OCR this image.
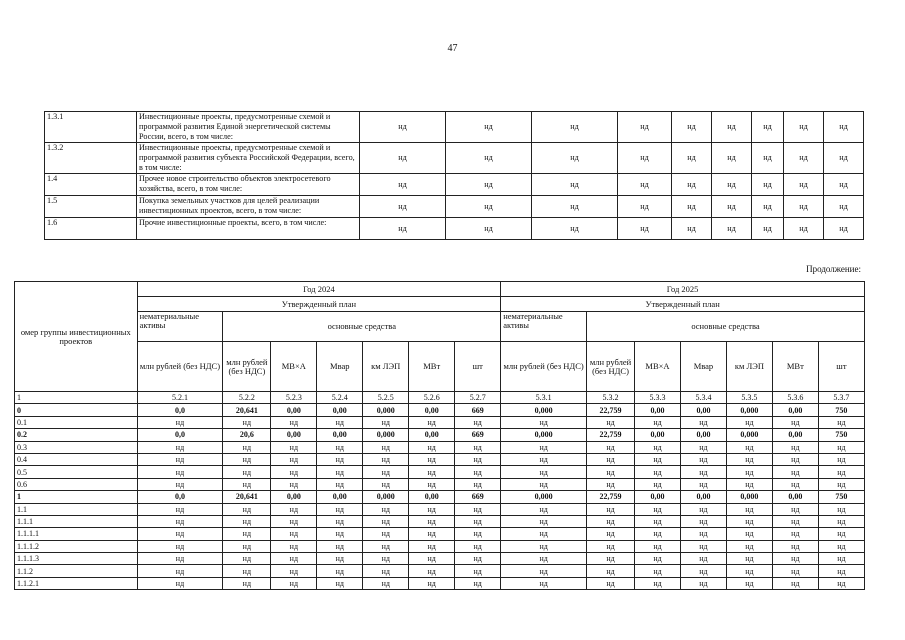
47
1.3.1	Инвестиционные проекты, предусмотренные схемой и программой развития Единой энергетической системы России, всего, в том числе:	нд	нд	нд	нд	нд	нд	нд	нд	нд
1.3.2	Инвестиционные проекты, предусмотренные схемой и программой развития субъекта Российской Федерации, всего, в том числе:	нд	нд	нд	нд	нд	нд	нд	нд	нд
1.4	Прочее новое строительство объектов электросетевого хозяйства, всего, в том числе:	нд	нд	нд	нд	нд	нд	нд	нд	нд
1.5	Покупка земельных участков для целей реализации инвестиционных проектов, всего, в том числе:	нд	нд	нд	нд	нд	нд	нд	нд	нд
1.6	Прочие инвестиционные проекты, всего, в том числе:	нд	нд	нд	нд	нд	нд	нд	нд	нд
Продолжение:
омер группы инвестиционных проектов	Год 2024							Год 2025						
	Утвержденный план							Утвержденный план						
	нематериальные активы	основные средства						нематериальные активы	основные средства					
	млн рублей (без НДС)	млн рублей (без НДС)	МВ×А	Мвар	км ЛЭП	МВт	шт	млн рублей (без НДС)	млн рублей (без НДС)	МВ×А	Мвар	км ЛЭП	МВт	шт
1	5.2.1	5.2.2	5.2.3	5.2.4	5.2.5	5.2.6	5.2.7	5.3.1	5.3.2	5.3.3	5.3.4	5.3.5	5.3.6	5.3.7
0	0,0	20,641	0,00	0,00	0,000	0,00	669	0,000	22,759	0,00	0,00	0,000	0,00	750
0.1	нд	нд	нд	нд	нд	нд	нд	нд	нд	нд	нд	нд	нд	нд
0.2	0,0	20,6	0,00	0,00	0,000	0,00	669	0,000	22,759	0,00	0,00	0,000	0,00	750
0.3	нд	нд	нд	нд	нд	нд	нд	нд	нд	нд	нд	нд	нд	нд
0.4	нд	нд	нд	нд	нд	нд	нд	нд	нд	нд	нд	нд	нд	нд
0.5	нд	нд	нд	нд	нд	нд	нд	нд	нд	нд	нд	нд	нд	нд
0.6	нд	нд	нд	нд	нд	нд	нд	нд	нд	нд	нд	нд	нд	нд
1	0,0	20,641	0,00	0,00	0,000	0,00	669	0,000	22,759	0,00	0,00	0,000	0,00	750
1.1	нд	нд	нд	нд	нд	нд	нд	нд	нд	нд	нд	нд	нд	нд
1.1.1	нд	нд	нд	нд	нд	нд	нд	нд	нд	нд	нд	нд	нд	нд
1.1.1.1	нд	нд	нд	нд	нд	нд	нд	нд	нд	нд	нд	нд	нд	нд
1.1.1.2	нд	нд	нд	нд	нд	нд	нд	нд	нд	нд	нд	нд	нд	нд
1.1.1.3	нд	нд	нд	нд	нд	нд	нд	нд	нд	нд	нд	нд	нд	нд
1.1.2	нд	нд	нд	нд	нд	нд	нд	нд	нд	нд	нд	нд	нд	нд
1.1.2.1	нд	нд	нд	нд	нд	нд	нд	нд	нд	нд	нд	нд	нд	нд
